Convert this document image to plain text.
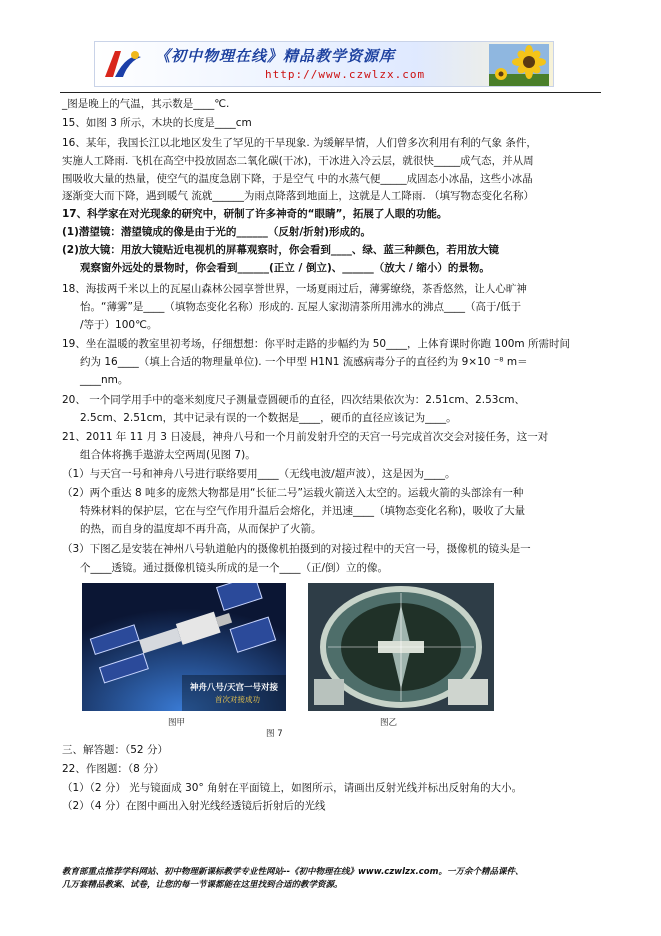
《初中物理在线》精品教学资源库
http://www.czwlzx.com
_图是晚上的气温，其示数是____℃.
15、如图 3 所示，木块的长度是____cm
16、某年，我国长江以北地区发生了罕见的干旱现象. 为缓解旱情，人们曾多次利用有利的气象 条件，
实施人工降雨. 飞机在高空中投放固态二氧化碳(干冰)，干冰进入冷云层，就很快_____成气态，并从周
围吸收大量的热量，使空气的温度急剧下降，于是空气 中的水蒸气便_____成固态小冰晶，这些小冰晶
逐渐变大而下降，遇到暖气 流就______为雨点降落到地面上，这就是人工降雨. （填写物态变化名称）
17、科学家在对光现象的研究中，研制了许多神奇的“眼睛”，拓展了人眼的功能。
(1)潜望镜：潜望镜成的像是由于光的______（反射/折射)形成的。
(2)放大镜：用放大镜贴近电视机的屏幕观察时，你会看到____、绿、蓝三种颜色，若用放大镜
观察窗外远处的景物时，你会看到______(正立 / 倒立)、______（放大 / 缩小）的景物。
18、海拔两千米以上的瓦屋山森林公园享誉世界，一场夏雨过后，薄雾缭绕，茶香悠然，让人心旷神
怡。“薄雾”是____（填物态变化名称）形成的. 瓦屋人家沏清茶所用沸水的沸点____（高于/低于
/等于）100℃。
19、坐在温暖的教室里初考场，仔细想想：你平时走路的步幅约为 50____，上体育课时你跑 100m 所需时间
约为 16____（填上合适的物理量单位). 一个甲型 H1N1 流感病毒分子的直径约为 9×10 ⁻⁸ m＝
____nm。
20、 一个同学用手中的毫米刻度尺子测量壹圆硬币的直径，四次结果依次为：2.51cm、2.53cm、
2.5cm、2.51cm，其中记录有误的一个数据是____，硬币的直径应该记为____。
21、2011 年 11 月 3 日凌晨，神舟八号和一个月前发射升空的天宫一号完成首次交会对接任务，这一对
组合体将携手遨游太空两周(见图 7)。
（1）与天宫一号和神舟八号进行联络要用____（无线电波/超声波），这是因为____。
（2）两个重达 8 吨多的庞然大物都是用“长征二号”运载火箭送入太空的。运载火箭的头部涂有一种
特殊材料的保护层，它在与空气作用升温后会熔化，并迅速____（填物态变化名称)，吸收了大量
的热，而自身的温度却不再升高，从而保护了火箭。
（3）下图乙是安装在神州八号轨道舱内的摄像机拍摄到的对接过程中的天宫一号，摄像机的镜头是一
个____透镜。通过摄像机镜头所成的是一个____（正/倒）立的像。
神舟八号/天宫一号对接
首次对接成功
图甲	图乙
图 7
三、解答题：（52 分）
22、作图题：（8 分）
（1）（2 分） 光与镜面成 30° 角射在平面镜上，如图所示，请画出反射光线并标出反射角的大小。
（2）（4 分）在图中画出入射光线经透镜后折射后的光线
教育部重点推荐学科网站、初中物理新课标教学专业性网站--《初中物理在线》www.czwlzx.com。一万余个精品课件、
几万套精品教案、试卷，让您的每一节课都能在这里找到合适的教学资源。
